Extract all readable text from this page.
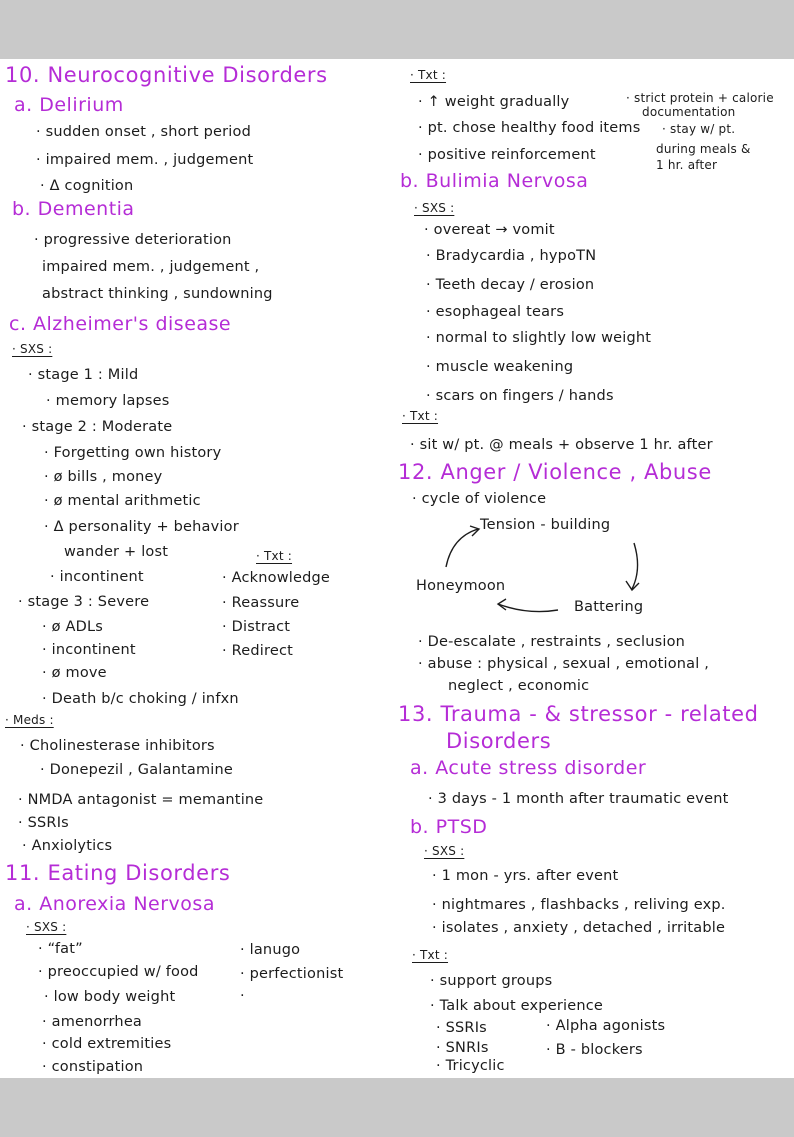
10. Neurocognitive Disorders
a. Delirium
· sudden onset , short period
· impaired mem. , judgement
· Δ cognition
b. Dementia
· progressive deterioration
impaired mem. , judgement ,
abstract thinking , sundowning
c. Alzheimer's disease
· SXS :
· stage 1 : Mild
· memory lapses
· stage 2 : Moderate
· Forgetting own history
· ø bills , money
· ø mental arithmetic
· Δ personality + behavior
wander + lost
· incontinent
· stage 3 : Severe
· ø ADLs
· incontinent
· ø move
· Death b/c choking / infxn
· Txt :
· Acknowledge
· Reassure
· Distract
· Redirect
· Meds :
· Cholinesterase inhibitors
· Donepezil , Galantamine
· NMDA antagonist = memantine
· SSRIs
· Anxiolytics
11. Eating Disorders
a. Anorexia Nervosa
· SXS :
· “fat”
· preoccupied w/ food
· low body weight
· amenorrhea
· cold extremities
· constipation
· lanugo
· perfectionist
·
· Txt :
· ↑ weight gradually
· pt. chose healthy food items
· positive reinforcement
· strict protein + calorie
documentation
· stay w/ pt.
during meals &
1 hr. after
b. Bulimia Nervosa
· SXS :
· overeat → vomit
· Bradycardia , hypoTN
· Teeth decay / erosion
· esophageal tears
· normal to slightly low weight
· muscle weakening
· scars on fingers / hands
· Txt :
· sit w/ pt. @ meals + observe 1 hr. after
12. Anger / Violence , Abuse
· cycle of violence
Tension - building
Battering
Honeymoon
· De-escalate , restraints , seclusion
· abuse : physical , sexual , emotional ,
neglect , economic
13. Trauma - & stressor - related
Disorders
a. Acute stress disorder
· 3 days - 1 month after traumatic event
b. PTSD
· SXS :
· 1 mon - yrs. after event
· nightmares , flashbacks , reliving exp.
· isolates , anxiety , detached , irritable
· Txt :
· support groups
· Talk about experience
· SSRIs
· SNRIs
· Tricyclic
· Alpha agonists
· B - blockers
